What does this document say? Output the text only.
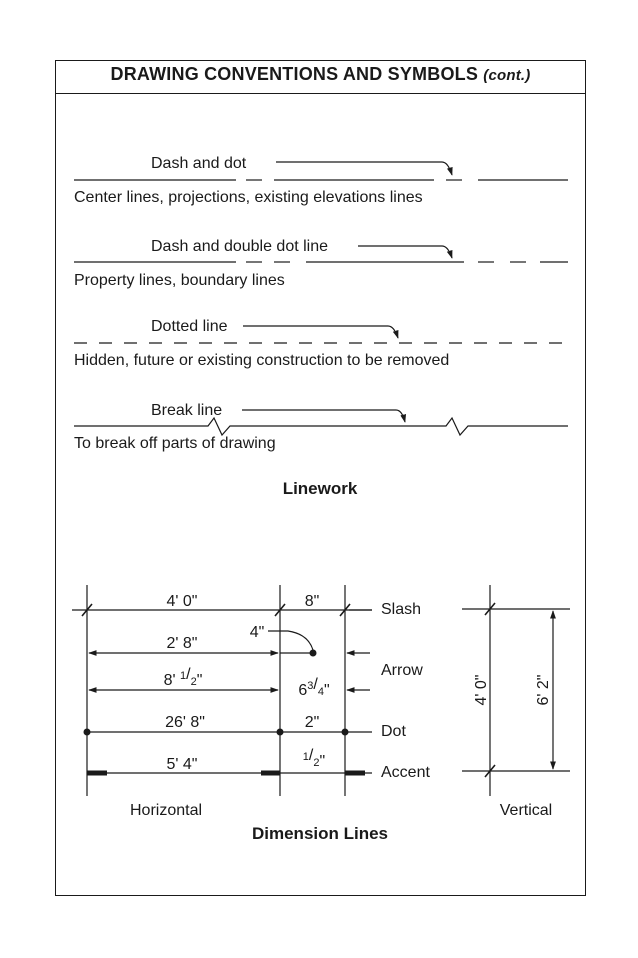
DRAWING CONVENTIONS AND SYMBOLS (cont.)
Dash and dot
Center lines, projections, existing elevations lines
Dash and double dot line
Property lines, boundary lines
Dotted line
Hidden, future or existing construction to be removed
Break line
To break off parts of drawing
Linework
4' 0"	8"
4"
2' 8"
8' $^1/_2$"
$6^3/_4$"
26' 8"	2"
5' 4"	$^1/_2$"
Slash
Arrow
Dot
Accent
4' 0"	6' 2"
Horizontal	Vertical
Dimension Lines
